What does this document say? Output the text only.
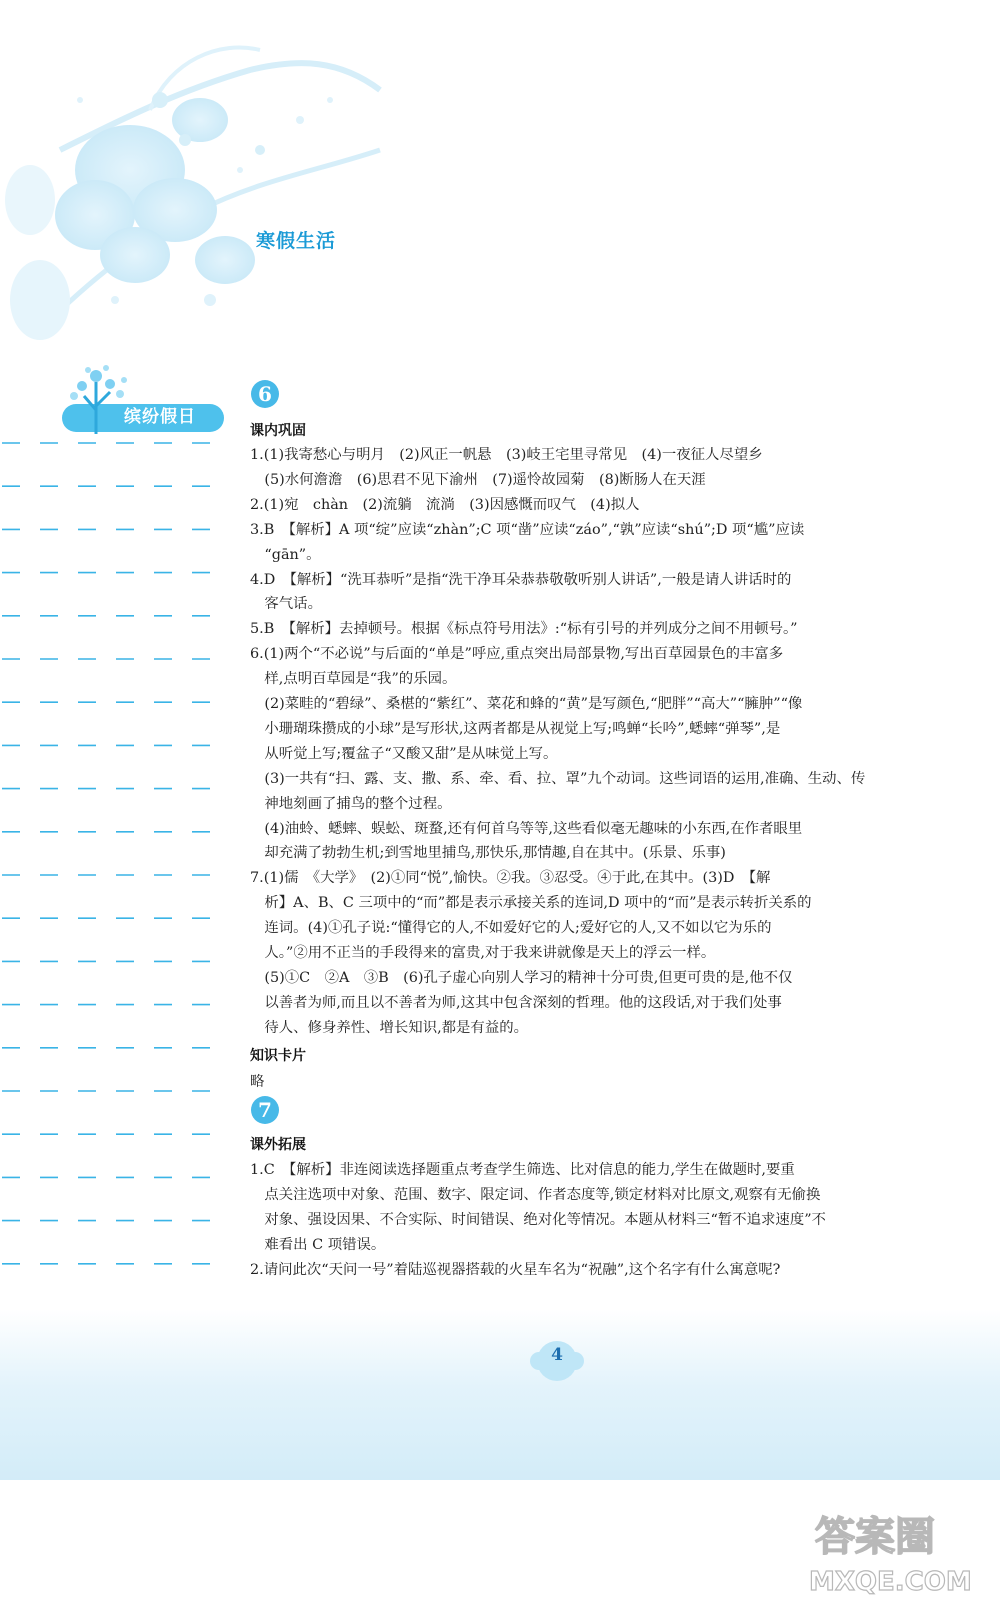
寒假生活
缤纷假日
6
课内巩固
1.(1)我寄愁心与明月　(2)风正一帆悬　(3)岐王宅里寻常见　(4)一夜征人尽望乡
　(5)水何澹澹　(6)思君不见下渝州　(7)遥怜故园菊　(8)断肠人在天涯
2.(1)宛　chàn　(2)流躺　流淌　(3)因感慨而叹气　(4)拟人
3.B　【解析】A 项“绽”应读“zhàn”;C 项“凿”应读“záo”,“孰”应读“shú”;D 项“尴”应读
　“gān”。
4.D　【解析】“洗耳恭听”是指“洗干净耳朵恭恭敬敬听别人讲话”,一般是请人讲话时的
　客气话。
5.B　【解析】去掉顿号。根据《标点符号用法》:“标有引号的并列成分之间不用顿号。”
6.(1)两个“不必说”与后面的“单是”呼应,重点突出局部景物,写出百草园景色的丰富多
　样,点明百草园是“我”的乐园。
　(2)菜畦的“碧绿”、桑椹的“紫红”、菜花和蜂的“黄”是写颜色,“肥胖”“高大”“臃肿”“像
　小珊瑚珠攒成的小球”是写形状,这两者都是从视觉上写;鸣蝉“长吟”,蟋蟀“弹琴”,是
　从听觉上写;覆盆子“又酸又甜”是从味觉上写。
　(3)一共有“扫、露、支、撒、系、牵、看、拉、罩”九个动词。这些词语的运用,准确、生动、传
　神地刻画了捕鸟的整个过程。
　(4)油蛉、蟋蟀、蜈蚣、斑蝥,还有何首乌等等,这些看似毫无趣味的小东西,在作者眼里
　却充满了勃勃生机;到雪地里捕鸟,那快乐,那情趣,自在其中。(乐景、乐事)
7.(1)儒　《大学》　(2)①同“悦”,愉快。②我。③忍受。④于此,在其中。(3)D　【解
　析】A、B、C 三项中的“而”都是表示承接关系的连词,D 项中的“而”是表示转折关系的
　连词。(4)①孔子说:“懂得它的人,不如爱好它的人;爱好它的人,又不如以它为乐的
　人。”②用不正当的手段得来的富贵,对于我来讲就像是天上的浮云一样。
　(5)①C　②A　③B　(6)孔子虚心向别人学习的精神十分可贵,但更可贵的是,他不仅
　以善者为师,而且以不善者为师,这其中包含深刻的哲理。他的这段话,对于我们处事
　待人、修身养性、增长知识,都是有益的。
知识卡片
略
7
课外拓展
1.C　【解析】非连阅读选择题重点考查学生筛选、比对信息的能力,学生在做题时,要重
　点关注选项中对象、范围、数字、限定词、作者态度等,锁定材料对比原文,观察有无偷换
　对象、强设因果、不合实际、时间错误、绝对化等情况。本题从材料三“暂不追求速度”不
　难看出 C 项错误。
2.请问此次“天问一号”着陆巡视器搭载的火星车名为“祝融”,这个名字有什么寓意呢?
4
答案圈
MXQE.COM
